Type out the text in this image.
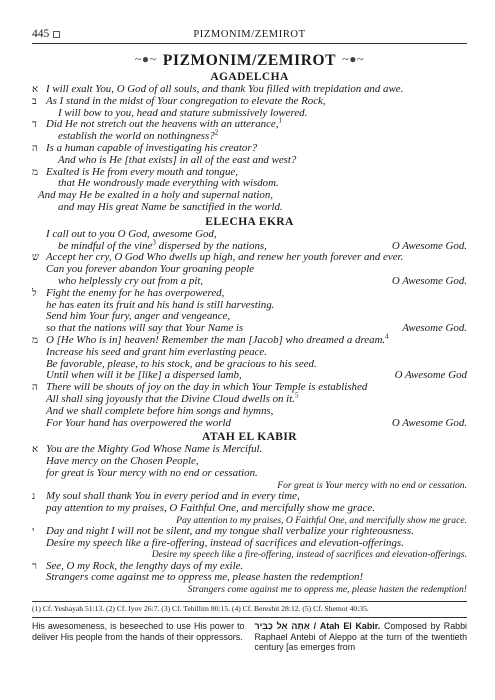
445	PIZMONIM/ZEMIROT
~●~ PIZMONIM/ZEMIROT ~●~
AGADELCHA
א I will exalt You, O God of all souls, and thank You filled with trepidation and awe.
ב As I stand in the midst of Your congregation to elevate the Rock,
I will bow to you, head and stature submissively lowered.
ד Did He not stretch out the heavens with an utterance,$^1$
establish the world on nothingness?$^2$
ה Is a human capable of investigating his creator?
And who is He [that exists] in all of the east and west?
מ Exalted is He from every mouth and tongue,
that He wondrously made everything with wisdom.
And may He be exalted in a holy and supernal nation,
and may His great Name be sanctified in the world.
ELECHA EKRA
I call out to you O God, awesome God,
be mindful of the vine$^3$ dispersed by the nations,	O Awesome God.
ש Accept her cry, O God Who dwells up high, and renew her youth forever and ever.
Can you forever abandon Your groaning people
who helplessly cry out from a pit,	O Awesome God.
ל Fight the enemy for he has overpowered,
he has eaten its fruit and his hand is still harvesting.
Send him Your fury, anger and vengeance,
so that the nations will say that Your Name is	Awesome God.
מ O [He Who is in] heaven! Remember the man [Jacob] who dreamed a dream.$^4$
Increase his seed and grant him everlasting peace.
Be favorable, please, to his stock, and be gracious to his seed.
Until when will it be [like] a dispersed lamb,	O Awesome God
ה There will be shouts of joy on the day in which Your Temple is established
All shall sing joyously that the Divine Cloud dwells on it.$^5$
And we shall complete before him songs and hymns,
For Your hand has overpowered the world	O Awesome God.
ATAH EL KABIR
א You are the Mighty God Whose Name is Merciful.
Have mercy on the Chosen People,
for great is Your mercy with no end or cessation.
For great is Your mercy with no end or cessation.
נ My soul shall thank You in every period and in every time,
pay attention to my praises, O Faithful One, and mercifully show me grace.
Pay attention to my praises, O Faithful One, and mercifully show me grace.
י Day and night I will not be silent, and my tongue shall verbalize your righteousness.
Desire my speech like a fire-offering, instead of sacrifices and elevation-offerings.
Desire my speech like a fire-offering, instead of sacrifices and elevation-offerings.
ר See, O my Rock, the lengthy days of my exile.
Strangers come against me to oppress me, please hasten the redemption!
Strangers come against me to oppress me, please hasten the redemption!
(1) Cf. Yeshayah 51:13. (2) Cf. Iyov 26:7. (3) Cf. Tehillim 80:15. (4) Cf. Bereshit 28:12. (5) Cf. Shemot 40:35.
His awesomeness, is beseeched to use His power to deliver His people from the hands of their oppressors.
אַתָּה אֵל כַּבִּיר / Atah El Kabir. Composed by Rabbi Raphael Antebi of Aleppo at the turn of the twentieth century [as emerges from
